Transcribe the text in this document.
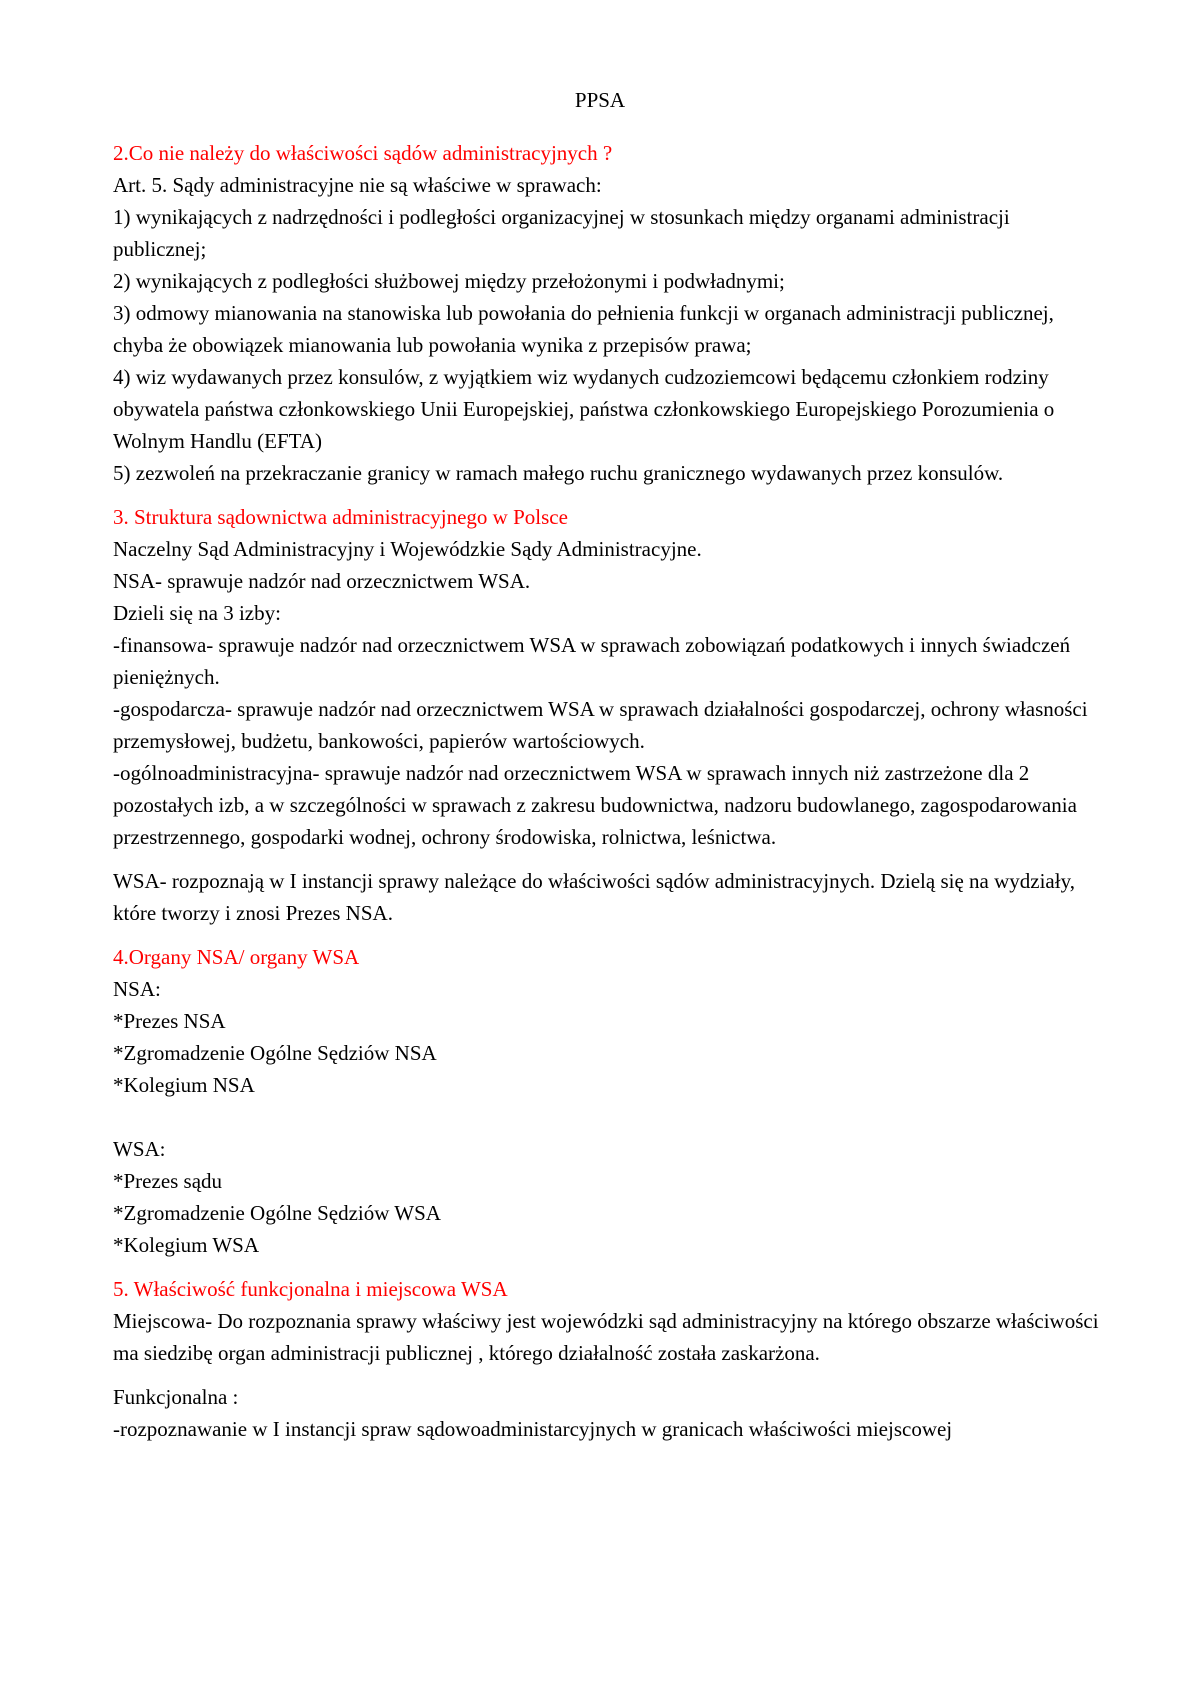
PPSA

2.Co nie należy do właściwości sądów administracyjnych ?

Art. 5. Sądy administracyjne nie są właściwe w sprawach:

1) wynikających z nadrzędności i podległości organizacyjnej w stosunkach między organami administracji publicznej;

2) wynikających z podległości służbowej między przełożonymi i podwładnymi;

3) odmowy mianowania na stanowiska lub powołania do pełnienia funkcji w organach administracji publicznej, chyba że obowiązek mianowania lub powołania wynika z przepisów prawa;

4) wiz wydawanych przez konsulów, z wyjątkiem wiz wydanych cudzoziemcowi będącemu członkiem rodziny obywatela państwa członkowskiego Unii Europejskiej, państwa członkowskiego Europejskiego Porozumienia o Wolnym Handlu (EFTA)

5) zezwoleń na przekraczanie granicy w ramach małego ruchu granicznego wydawanych przez konsulów.

3. Struktura sądownictwa administracyjnego w Polsce

Naczelny Sąd Administracyjny i Wojewódzkie Sądy Administracyjne.

NSA- sprawuje nadzór nad orzecznictwem WSA.

Dzieli się na 3 izby:

-finansowa- sprawuje nadzór nad orzecznictwem WSA w sprawach zobowiązań podatkowych i innych świadczeń pieniężnych.

-gospodarcza- sprawuje nadzór nad orzecznictwem WSA w sprawach działalności gospodarczej, ochrony własności przemysłowej, budżetu, bankowości, papierów wartościowych.

-ogólnoadministracyjna- sprawuje nadzór nad orzecznictwem WSA w sprawach innych niż zastrzeżone dla 2 pozostałych izb, a w szczególności w sprawach z zakresu budownictwa, nadzoru budowlanego, zagospodarowania przestrzennego, gospodarki wodnej, ochrony środowiska, rolnictwa, leśnictwa.

WSA- rozpoznają w I instancji sprawy należące do właściwości sądów administracyjnych. Dzielą się na wydziały, które tworzy i znosi Prezes NSA.

4.Organy NSA/ organy WSA

NSA:

*Prezes NSA

*Zgromadzenie Ogólne Sędziów NSA

*Kolegium NSA

WSA:

*Prezes sądu

*Zgromadzenie Ogólne Sędziów WSA

*Kolegium WSA

5. Właściwość funkcjonalna i miejscowa WSA

Miejscowa- Do rozpoznania sprawy właściwy jest wojewódzki sąd administracyjny na którego obszarze właściwości ma siedzibę organ administracji publicznej , którego działalność została zaskarżona.

Funkcjonalna :

-rozpoznawanie w I instancji spraw sądowoadministarcyjnych w granicach właściwości miejscowej
